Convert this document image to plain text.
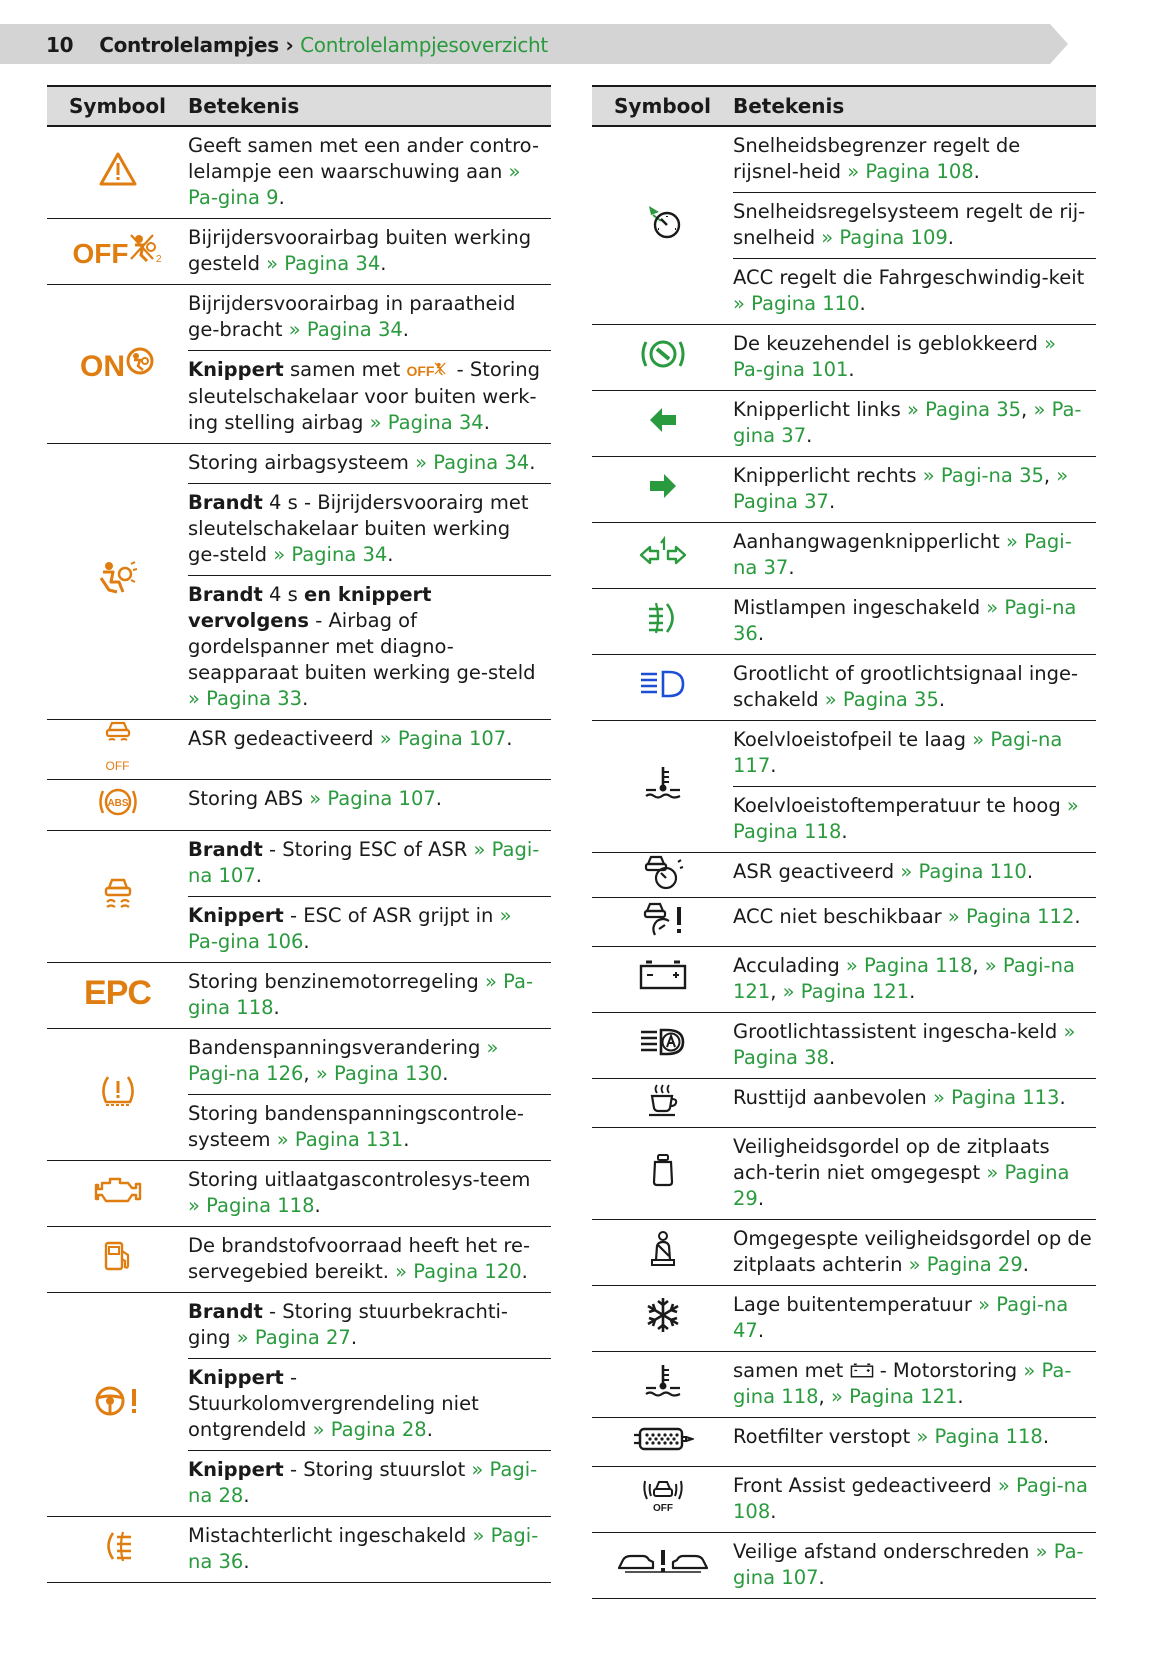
10 Controlelampjes › Controlelampjesoverzicht
Symbool	Betekenis
	Geeft samen met een ander contro-lelampje een waarschuwing aan » Pa-gina 9.
OFF 2	Bijrijdersvoorairbag buiten werking gesteld » Pagina 34.
ON	Bijrijdersvoorairbag in paraatheid ge-bracht » Pagina 34.
	Knippert samen met OFF - Storing sleutelschakelaar voor buiten werk-ing stelling airbag » Pagina 34.
	Storing airbagsysteem » Pagina 34.
	Brandt 4 s - Bijrijdersvoorairg met sleutelschakelaar buiten werking ge-steld » Pagina 34.
	Brandt 4 s en knippert vervolgens - Airbag of gordelspanner met diagno-seapparaat buiten werking ge-steld » Pagina 33.

OFF	ASR gedeactiveerd » Pagina 107.

ABS	Storing ABS » Pagina 107.
	Brandt - Storing ESC of ASR » Pagi-na 107.
	Knippert - ESC of ASR grijpt in » Pa-gina 106.
EPC	Storing benzinemotorregeling » Pa-gina 118.
	Bandenspanningsverandering » Pagi-na 126, » Pagina 130.
	Storing bandenspanningscontrole-systeem » Pagina 131.
	Storing uitlaatgascontrolesys-teem » Pagina 118.
	De brandstofvoorraad heeft het re-servegebied bereikt. » Pagina 120.
	Brandt - Storing stuurbekrachti-ging » Pagina 27.
	Knippert - Stuurkolomvergrendeling niet ontgrendeld » Pagina 28.
	Knippert - Storing stuurslot » Pagi-na 28.
	Mistachterlicht ingeschakeld » Pagi-na 36.
Symbool	Betekenis
	Snelheidsbegrenzer regelt de rijsnel-heid » Pagina 108.
	Snelheidsregelsysteem regelt de rij-snelheid » Pagina 109.
	ACC regelt die Fahrgeschwindig-keit » Pagina 110.
	De keuzehendel is geblokkeerd » Pa-gina 101.
	Knipperlicht links » Pagina 35, » Pa-gina 37.
	Knipperlicht rechts » Pagi-na 35, » Pagina 37.
	Aanhangwagenknipperlicht » Pagi-na 37.
	Mistlampen ingeschakeld » Pagi-na 36.
	Grootlicht of grootlichtsignaal inge-schakeld » Pagina 35.
	Koelvloeistofpeil te laag » Pagi-na 117.
	Koelvloeistoftemperatuur te hoog » Pagina 118.
	ASR geactiveerd » Pagina 110.
	ACC niet beschikbaar » Pagina 112.
	Acculading » Pagina 118, » Pagi-na 121, » Pagina 121.
	Grootlichtassistent ingescha-keld » Pagina 38.
	Rusttijd aanbevolen » Pagina 113.
	Veiligheidsgordel op de zitplaats ach-terin niet omgegespt » Pagina 29.
	Omgegespte veiligheidsgordel op de zitplaats achterin » Pagina 29.
	Lage buitentemperatuur » Pagi-na 47.
	samen met  - Motorstoring » Pa-gina 118, » Pagina 121.
	Roetfilter verstopt » Pagina 118.

OFF	Front Assist gedeactiveerd » Pagi-na 108.
	Veilige afstand onderschreden » Pa-gina 107.
